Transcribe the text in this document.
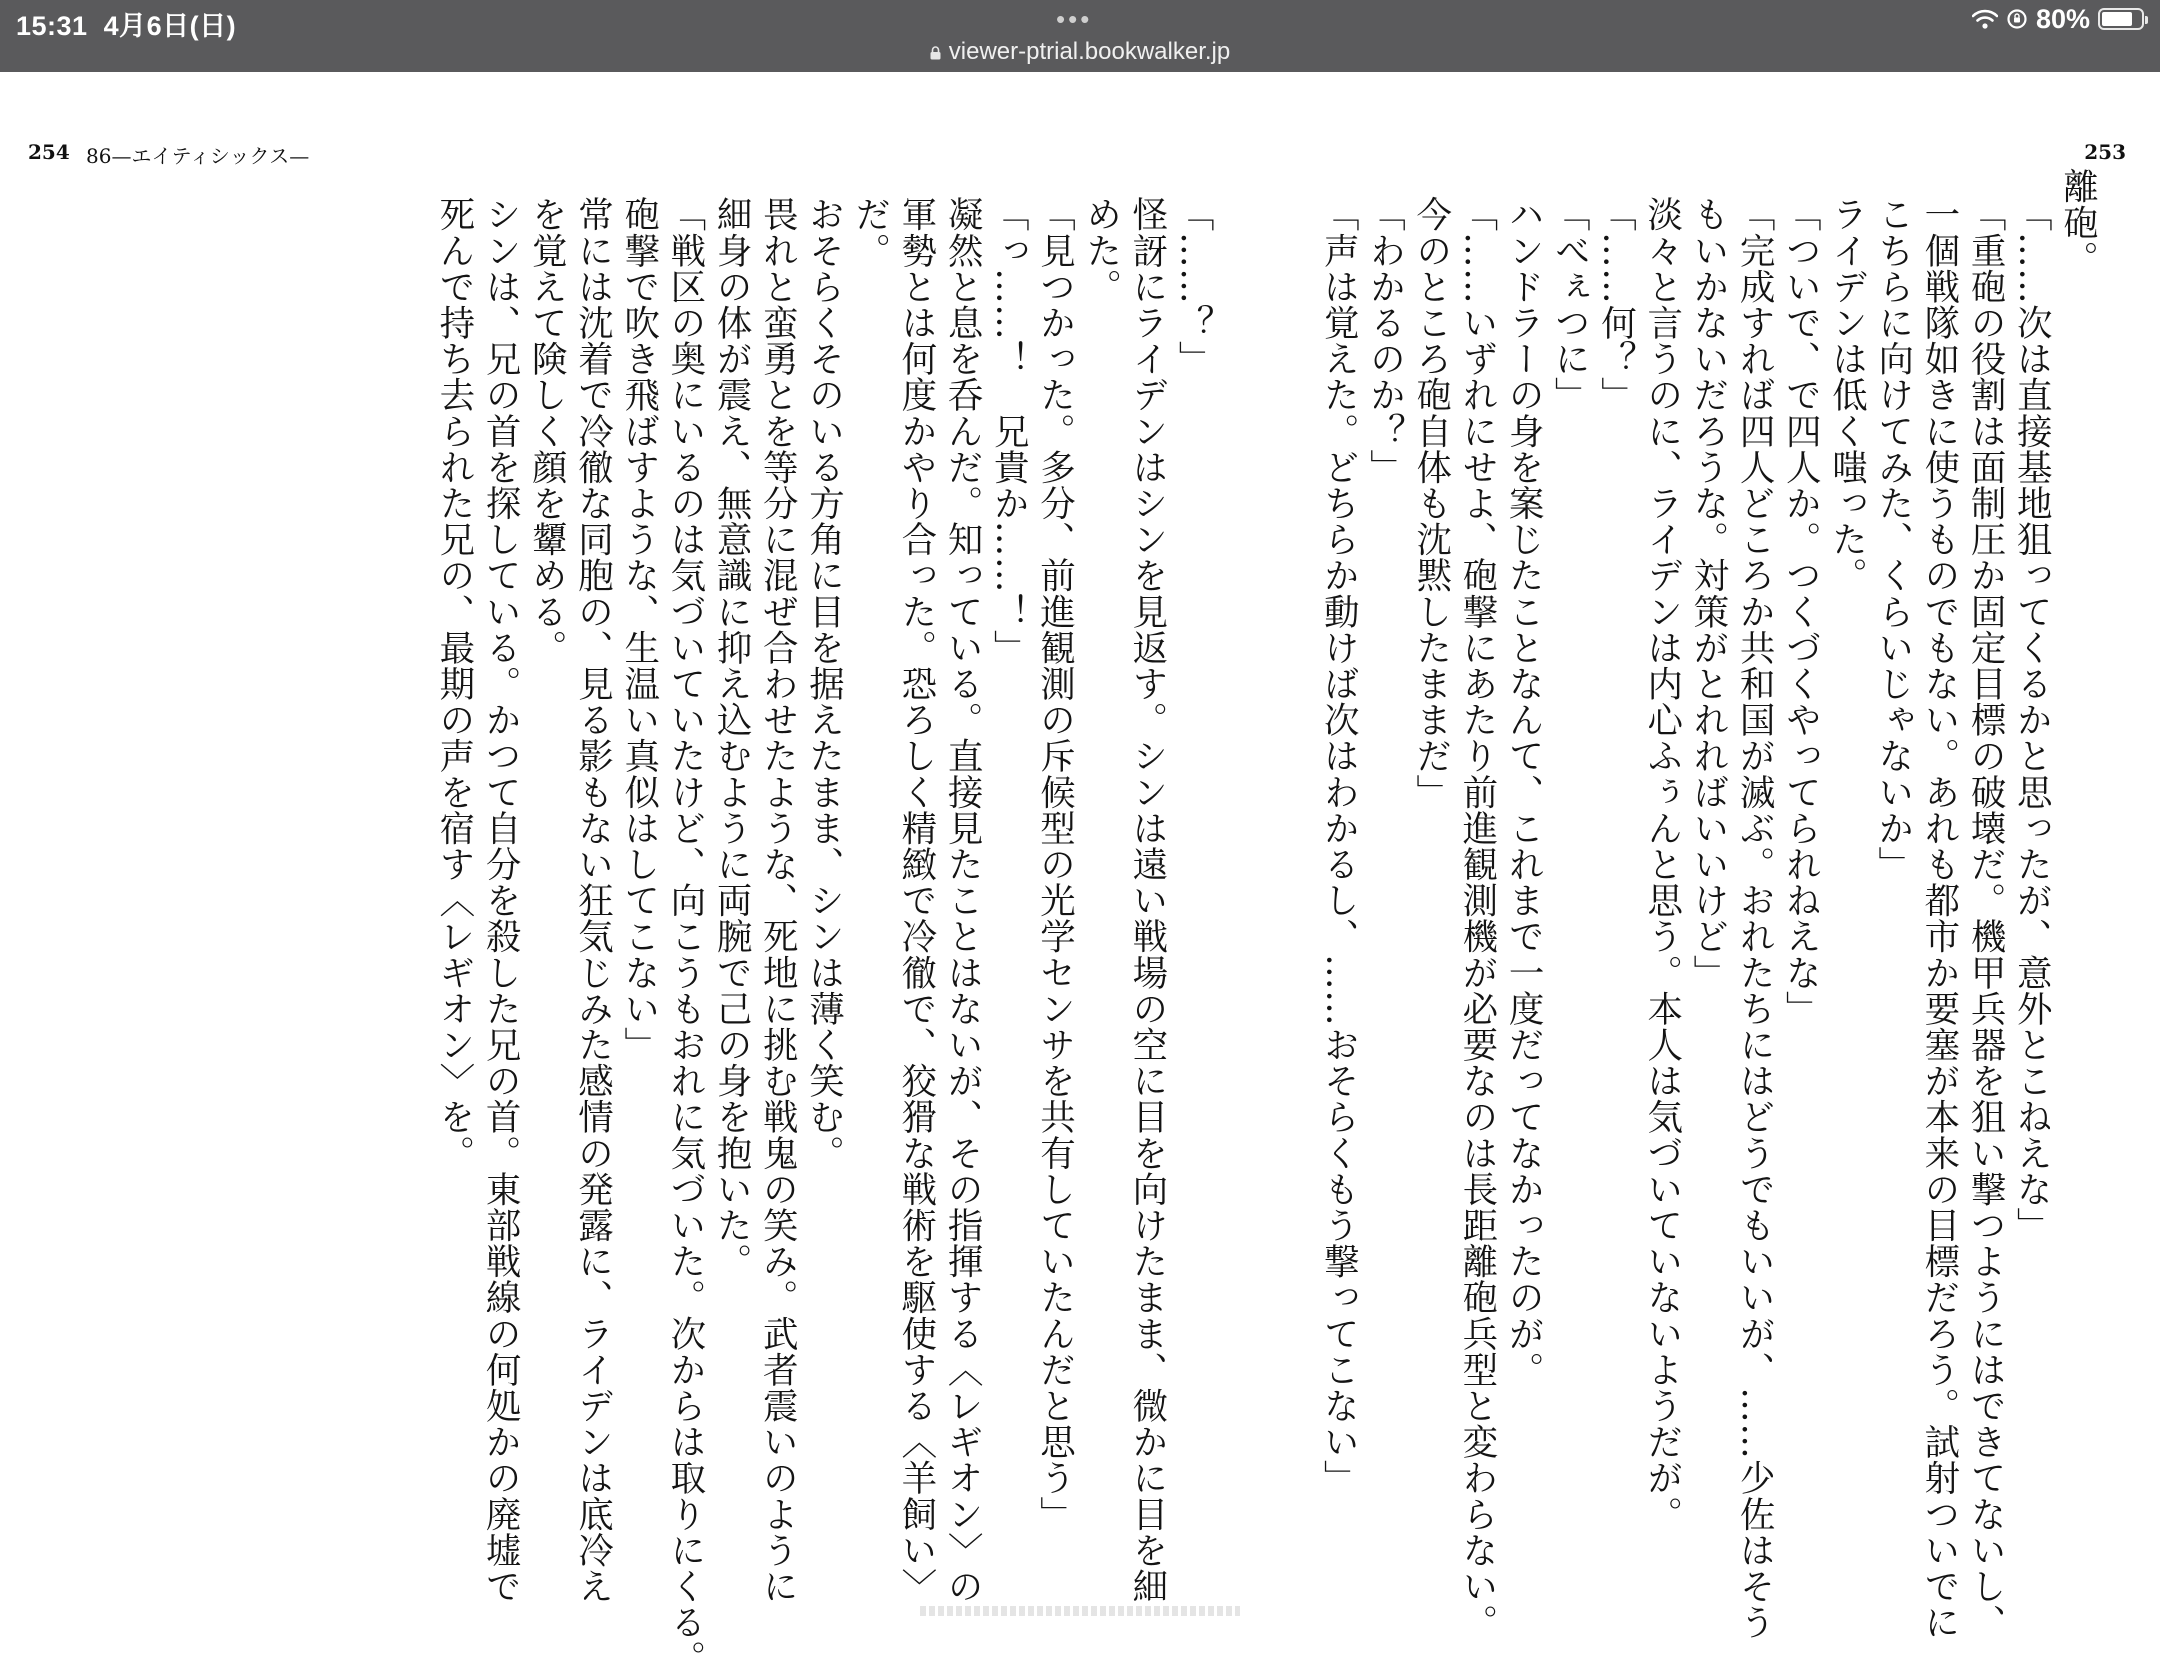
15:31 4月6日(日)	•••
viewer-ptrial.bookwalker.jp
80%
254 86—エイティシックス—	253
離砲。
「……次は直接基地狙ってくるかと思ったが、意外とこねえな」
「重砲の役割は面制圧か固定目標の破壊だ。機甲兵器を狙い撃つようにはできてないし、
一個戦隊如きに使うものでもない。あれも都市か要塞が本来の目標だろう。試射ついでに
こちらに向けてみた、くらいじゃないか」
ライデンは低く嗤った。
「ついで、で四人か。つくづくやってられねえな」
「完成すれば四人どころか共和国が滅ぶ。おれたちにはどうでもいいが、……少佐はそう
もいかないだろうな。対策がとれればいいけど」
淡々と言うのに、ライデンは内心ふぅんと思う。本人は気づいていないようだが。
「……何？」
「べぇつに」
ハンドラーの身を案じたことなんて、これまで一度だってなかったのが。
「……いずれにせよ、砲撃にあたり前進観測機が必要なのは長距離砲兵型と変わらない。
今のところ砲自体も沈黙したままだ」
「わかるのか？」
「声は覚えた。どちらか動けば次はわかるし、……おそらくもう撃ってこない」
「……？」
怪訝にライデンはシンを見返す。シンは遠い戦場の空に目を向けたまま、微かに目を細
めた。
「見つかった。多分、前進観測の斥候型の光学センサを共有していたんだと思う」
「っ……！　兄貴か……！」
凝然と息を呑んだ。知っている。直接見たことはないが、その指揮する〈レギオン〉の
軍勢とは何度かやり合った。恐ろしく精緻で冷徹で、狡猾な戦術を駆使する〈羊飼い〉
だ。
おそらくそのいる方角に目を据えたまま、シンは薄く笑む。
畏れと蛮勇とを等分に混ぜ合わせたような、死地に挑む戦鬼の笑み。武者震いのように
細身の体が震え、無意識に抑え込むように両腕で己の身を抱いた。
「戦区の奥にいるのは気づいていたけど、向こうもおれに気づいた。次からは取りにくる。
砲撃で吹き飛ばすような、生温い真似はしてこない」
常には沈着で冷徹な同胞の、見る影もない狂気じみた感情の発露に、ライデンは底冷え
を覚えて険しく顔を顰める。
シンは、兄の首を探している。かつて自分を殺した兄の首。東部戦線の何処かの廃墟で
死んで持ち去られた兄の、最期の声を宿す〈レギオン〉を。
